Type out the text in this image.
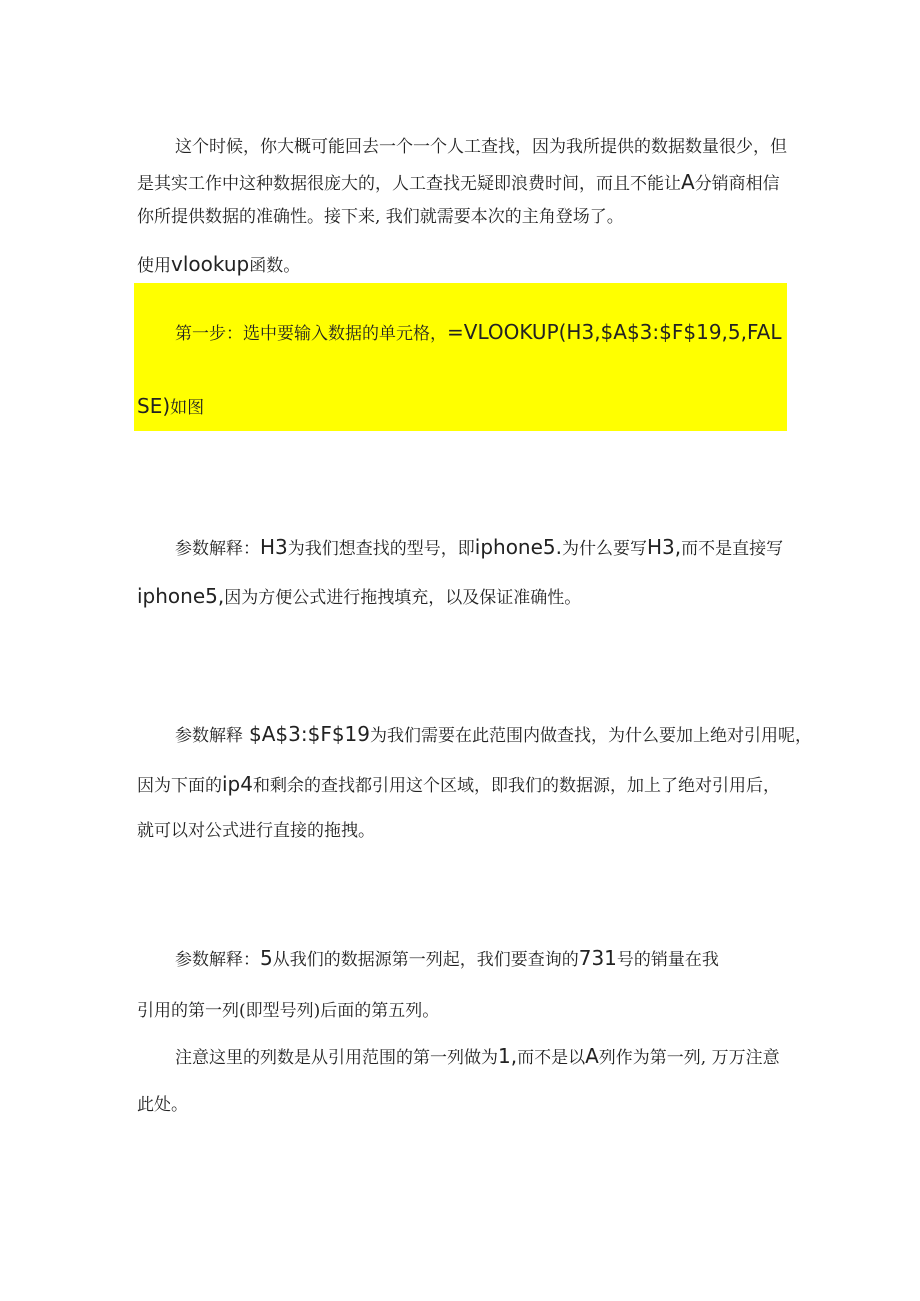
这个时候，你大概可能回去一个一个人工查找，因为我所提供的数据数量很少，但
是其实工作中这种数据很庞大的，人工查找无疑即浪费时间，而且不能让A分销商相信
你所提供数据的准确性。接下来, 我们就需要本次的主角登场了。
使用vlookup函数。
第一步：选中要输入数据的单元格，=VLOOKUP(H3,$A$3:$F$19,5,FAL
SE)如图
参数解释：H3为我们想查找的型号，即iphone5.为什么要写H3,而不是直接写
iphone5,因为方便公式进行拖拽填充，以及保证准确性。
参数解释 $A$3:$F$19为我们需要在此范围内做查找，为什么要加上绝对引用呢，
因为下面的ip4和剩余的查找都引用这个区域，即我们的数据源，加上了绝对引用后，
就可以对公式进行直接的拖拽。
参数解释：5从我们的数据源第一列起，我们要查询的731号的销量在我
引用的第一列(即型号列)后面的第五列。
注意这里的列数是从引用范围的第一列做为1,而不是以A列作为第一列, 万万注意
此处。
